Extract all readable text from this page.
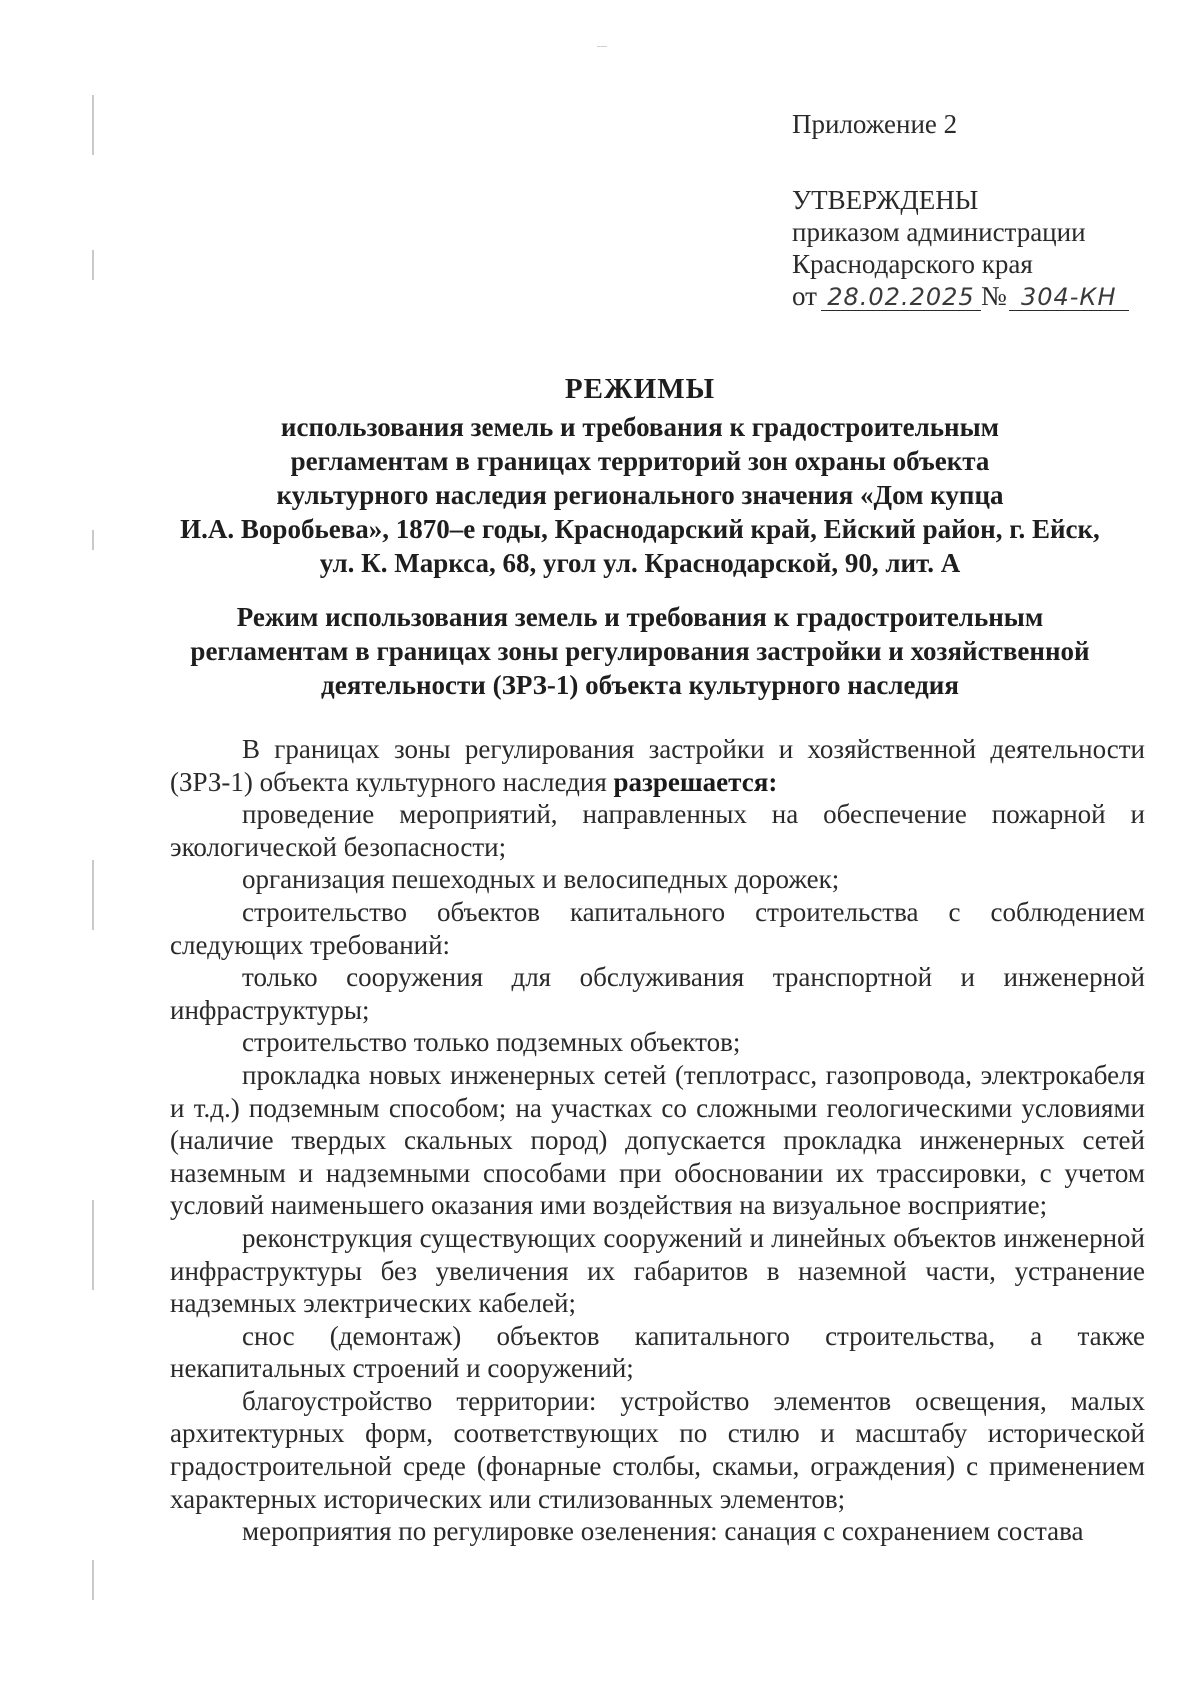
Приложение 2
УТВЕРЖДЕНЫ
приказом администрации
Краснодарского края
от 28.02.2025 № 304-КН
РЕЖИМЫ
использования земель и требования к градостроительным
регламентам в границах территорий зон охраны объекта
культурного наследия регионального значения «Дом купца
И.А. Воробьева», 1870–е годы, Краснодарский край, Ейский район, г. Ейск,
ул. К. Маркса, 68, угол ул. Краснодарской, 90, лит. А
Режим использования земель и требования к градостроительным
регламентам в границах зоны регулирования застройки и хозяйственной
деятельности (ЗРЗ-1) объекта культурного наследия

В границах зоны регулирования застройки и хозяйственной деятельности (ЗРЗ-1) объекта культурного наследия разрешается:

проведение мероприятий, направленных на обеспечение пожарной и экологической безопасности;

организация пешеходных и велосипедных дорожек;

строительство объектов капитального строительства с соблюдением следующих требований:

только сооружения для обслуживания транспортной и инженерной инфраструктуры;

строительство только подземных объектов;

прокладка новых инженерных сетей (теплотрасс, газопровода, электрокабеля и т.д.) подземным способом; на участках со сложными геологическими условиями (наличие твердых скальных пород) допускается прокладка инженерных сетей наземным и надземными способами при обосновании их трассировки, с учетом условий наименьшего оказания ими воздействия на визуальное восприятие;

реконструкция существующих сооружений и линейных объектов инженерной инфраструктуры без увеличения их габаритов в наземной части, устранение надземных электрических кабелей;

снос (демонтаж) объектов капитального строительства, а также некапитальных строений и сооружений;

благоустройство территории: устройство элементов освещения, малых архитектурных форм, соответствующих по стилю и масштабу исторической градостроительной среде (фонарные столбы, скамьи, ограждения) с применением характерных исторических или стилизованных элементов;

мероприятия по регулировке озеленения: санация с сохранением состава
